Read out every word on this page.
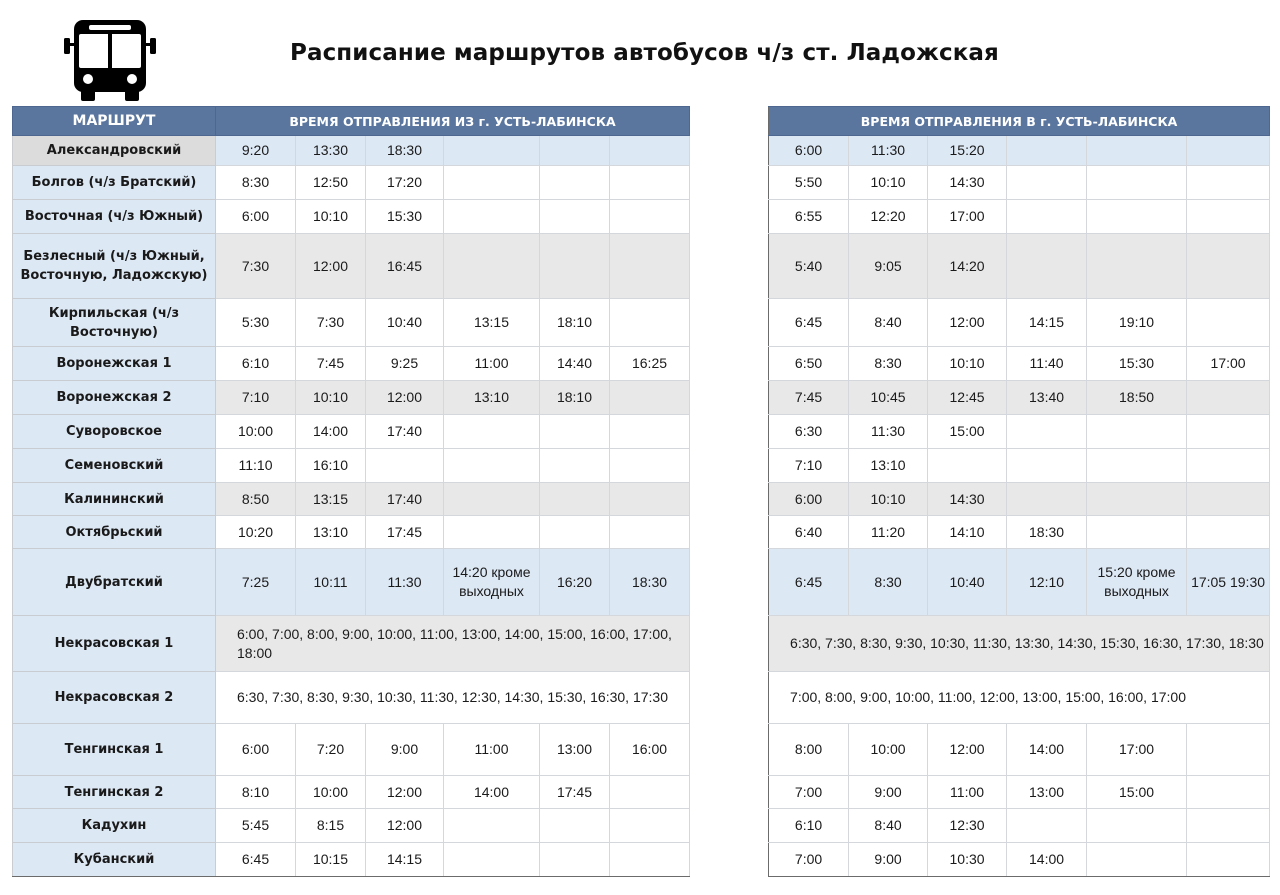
Расписание маршрутов автобусов ч/з ст. Ладожская
МАРШРУТ	ВРЕМЯ ОТПРАВЛЕНИЯ ИЗ г. УСТЬ-ЛАБИНСКА							ВРЕМЯ ОТПРАВЛЕНИЯ В г. УСТЬ-ЛАБИНСКА					
Александровский	9:20	13:30	18:30					6:00	11:30	15:20			
Болгов (ч/з Братский)	8:30	12:50	17:20					5:50	10:10	14:30			
Восточная (ч/з Южный)	6:00	10:10	15:30					6:55	12:20	17:00			
Безлесный (ч/з Южный, Восточную, Ладожскую)	7:30	12:00	16:45					5:40	9:05	14:20			
Кирпильская (ч/з Восточную)	5:30	7:30	10:40	13:15	18:10			6:45	8:40	12:00	14:15	19:10	
Воронежская 1	6:10	7:45	9:25	11:00	14:40	16:25		6:50	8:30	10:10	11:40	15:30	17:00
Воронежская 2	7:10	10:10	12:00	13:10	18:10			7:45	10:45	12:45	13:40	18:50	
Суворовское	10:00	14:00	17:40					6:30	11:30	15:00			
Семеновский	11:10	16:10						7:10	13:10				
Калининский	8:50	13:15	17:40					6:00	10:10	14:30			
Октябрьский	10:20	13:10	17:45					6:40	11:20	14:10	18:30		
Двубратский	7:25	10:11	11:30	14:20 кроме выходных	16:20	18:30		6:45	8:30	10:40	12:10	15:20 кроме выходных	17:05 19:30
Некрасовская 1	6:00, 7:00, 8:00, 9:00, 10:00, 11:00, 13:00, 14:00, 15:00, 16:00, 17:00, 18:00							6:30, 7:30, 8:30, 9:30, 10:30, 11:30, 13:30, 14:30, 15:30, 16:30, 17:30, 18:30					
Некрасовская 2	6:30, 7:30, 8:30, 9:30, 10:30, 11:30, 12:30, 14:30, 15:30, 16:30, 17:30							7:00, 8:00, 9:00, 10:00, 11:00, 12:00, 13:00, 15:00, 16:00, 17:00					
Тенгинская 1	6:00	7:20	9:00	11:00	13:00	16:00		8:00	10:00	12:00	14:00	17:00	
Тенгинская 2	8:10	10:00	12:00	14:00	17:45			7:00	9:00	11:00	13:00	15:00	
Кадухин	5:45	8:15	12:00					6:10	8:40	12:30			
Кубанский	6:45	10:15	14:15					7:00	9:00	10:30	14:00		
